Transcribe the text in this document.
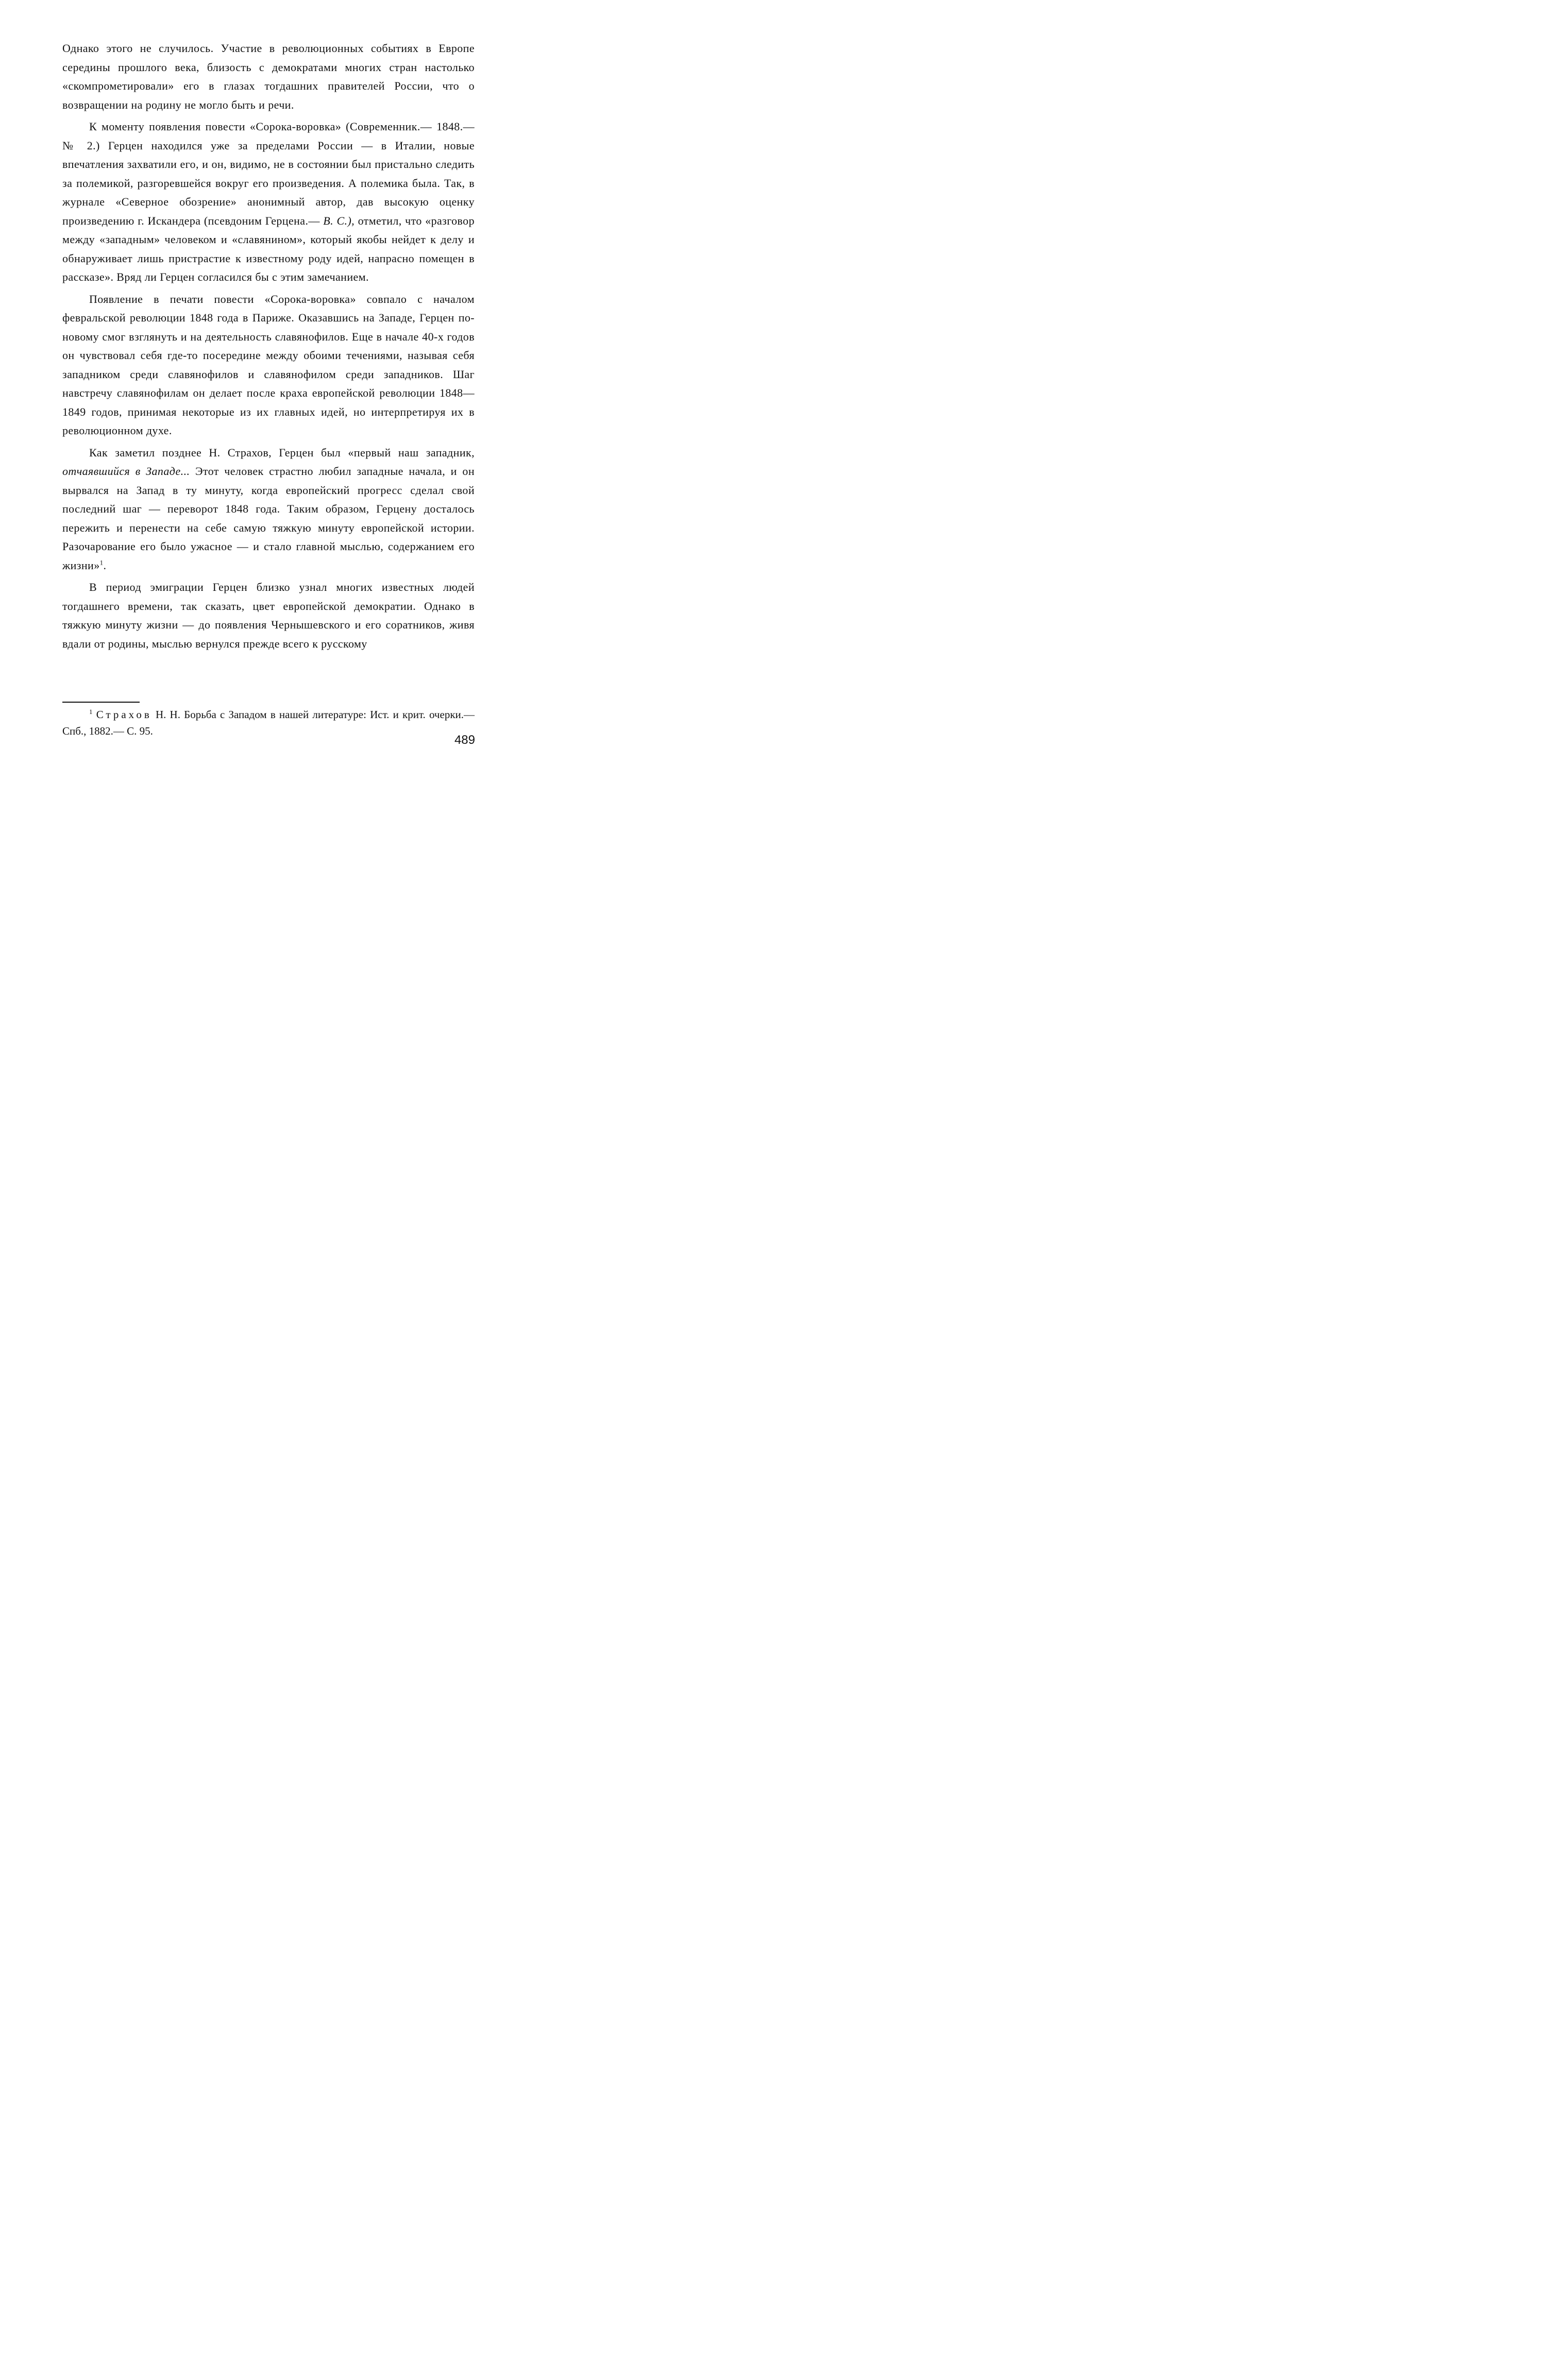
Однако этого не случилось. Участие в революционных событиях в Европе середины прошлого века, близость с демократами многих стран настолько «скомпрометировали» его в глазах тогдашних правителей России, что о возвращении на родину не могло быть и речи.

К моменту появления повести «Сорока-воровка» (Современник.— 1848.— № 2.) Герцен находился уже за пределами России — в Италии, новые впечатления захватили его, и он, видимо, не в состоянии был пристально следить за полемикой, разгоревшейся вокруг его произведения. А полемика была. Так, в журнале «Северное обозрение» анонимный автор, дав высокую оценку произведению г. Искандера (псевдоним Герцена.— В. С.), отметил, что «разговор между «западным» человеком и «славянином», который якобы нейдет к делу и обнаруживает лишь пристрастие к известному роду идей, напрасно помещен в рассказе». Вряд ли Герцен согласился бы с этим замечанием.

Появление в печати повести «Сорока-воровка» совпало с началом февральской революции 1848 года в Париже. Оказавшись на Западе, Герцен по-новому смог взглянуть и на деятельность славянофилов. Еще в начале 40-х годов он чувствовал себя где-то посередине между обоими течениями, называя себя западником среди славянофилов и славянофилом среди западников. Шаг навстречу славянофилам он делает после краха европейской революции 1848—1849 годов, принимая некоторые из их главных идей, но интерпретируя их в революционном духе.

Как заметил позднее Н. Страхов, Герцен был «первый наш западник, отчаявшийся в Западе... Этот человек страстно любил западные начала, и он вырвался на Запад в ту минуту, когда европейский прогресс сделал свой последний шаг — переворот 1848 года. Таким образом, Герцену досталось пережить и перенести на себе самую тяжкую минуту европейской истории. Разочарование его было ужасное — и стало главной мыслью, содержанием его жизни»$^1$.

В период эмиграции Герцен близко узнал многих известных людей тогдашнего времени, так сказать, цвет европейской демократии. Однако в тяжкую минуту жизни — до появления Чернышевского и его соратников, живя вдали от родины, мыслью вернулся прежде всего к русскому

$^1$ Страхов Н. Н. Борьба с Западом в нашей литературе: Ист. и крит. очерки.— Спб., 1882.— С. 95.

489
